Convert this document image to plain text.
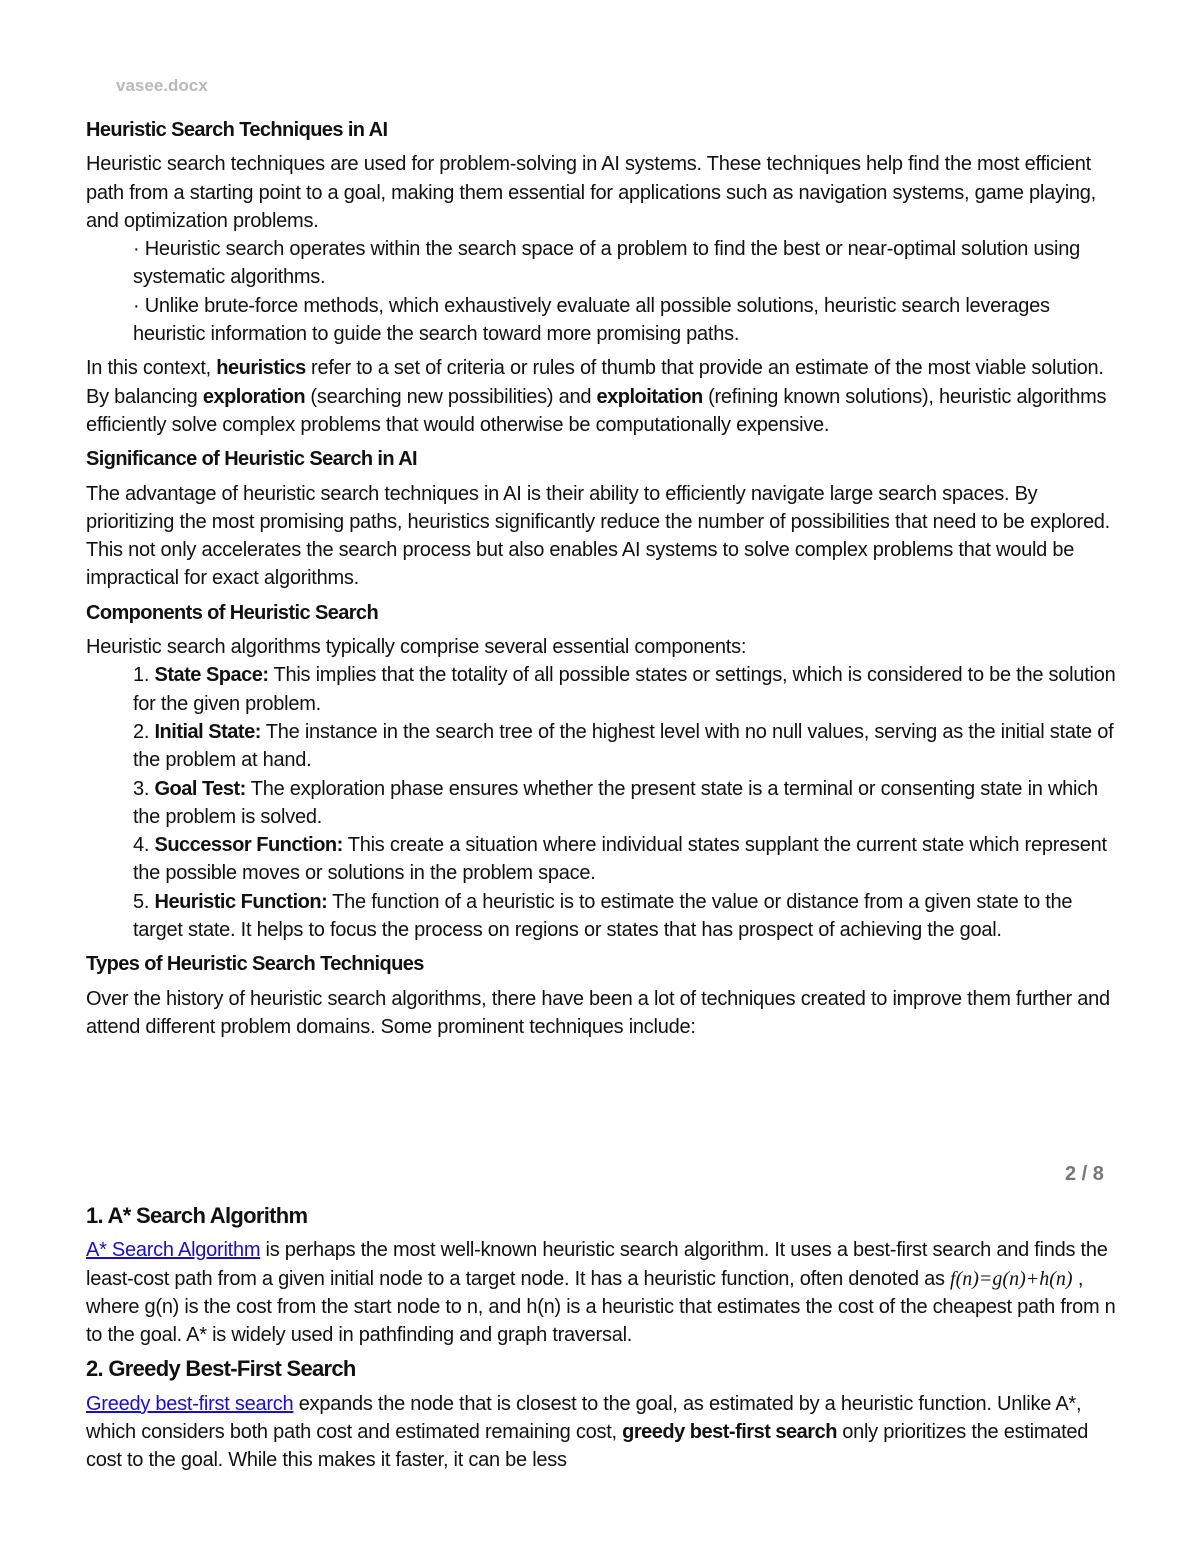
vasee.docx
Heuristic Search Techniques in AI
Heuristic search techniques are used for problem-solving in AI systems. These techniques help find the most efficient path from a starting point to a goal, making them essential for applications such as navigation systems, game playing, and optimization problems.
· Heuristic search operates within the search space of a problem to find the best or near-optimal solution using systematic algorithms.
· Unlike brute-force methods, which exhaustively evaluate all possible solutions, heuristic search leverages heuristic information to guide the search toward more promising paths.
In this context, heuristics refer to a set of criteria or rules of thumb that provide an estimate of the most viable solution. By balancing exploration (searching new possibilities) and exploitation (refining known solutions), heuristic algorithms efficiently solve complex problems that would otherwise be computationally expensive.
Significance of Heuristic Search in AI
The advantage of heuristic search techniques in AI is their ability to efficiently navigate large search spaces. By prioritizing the most promising paths, heuristics significantly reduce the number of possibilities that need to be explored. This not only accelerates the search process but also enables AI systems to solve complex problems that would be impractical for exact algorithms.
Components of Heuristic Search
Heuristic search algorithms typically comprise several essential components:
1. State Space: This implies that the totality of all possible states or settings, which is considered to be the solution for the given problem.
2. Initial State: The instance in the search tree of the highest level with no null values, serving as the initial state of the problem at hand.
3. Goal Test: The exploration phase ensures whether the present state is a terminal or consenting state in which the problem is solved.
4. Successor Function: This create a situation where individual states supplant the current state which represent the possible moves or solutions in the problem space.
5. Heuristic Function: The function of a heuristic is to estimate the value or distance from a given state to the target state. It helps to focus the process on regions or states that has prospect of achieving the goal.
Types of Heuristic Search Techniques
Over the history of heuristic search algorithms, there have been a lot of techniques created to improve them further and attend different problem domains. Some prominent techniques include:
2 / 8
1. A* Search Algorithm
A* Search Algorithm is perhaps the most well-known heuristic search algorithm. It uses a best-first search and finds the least-cost path from a given initial node to a target node. It has a heuristic function, often denoted as f(n)=g(n)+h(n) , where g(n) is the cost from the start node to n, and h(n) is a heuristic that estimates the cost of the cheapest path from n to the goal. A* is widely used in pathfinding and graph traversal.
2. Greedy Best-First Search
Greedy best-first search expands the node that is closest to the goal, as estimated by a heuristic function. Unlike A*, which considers both path cost and estimated remaining cost, greedy best-first search only prioritizes the estimated cost to the goal. While this makes it faster, it can be less
